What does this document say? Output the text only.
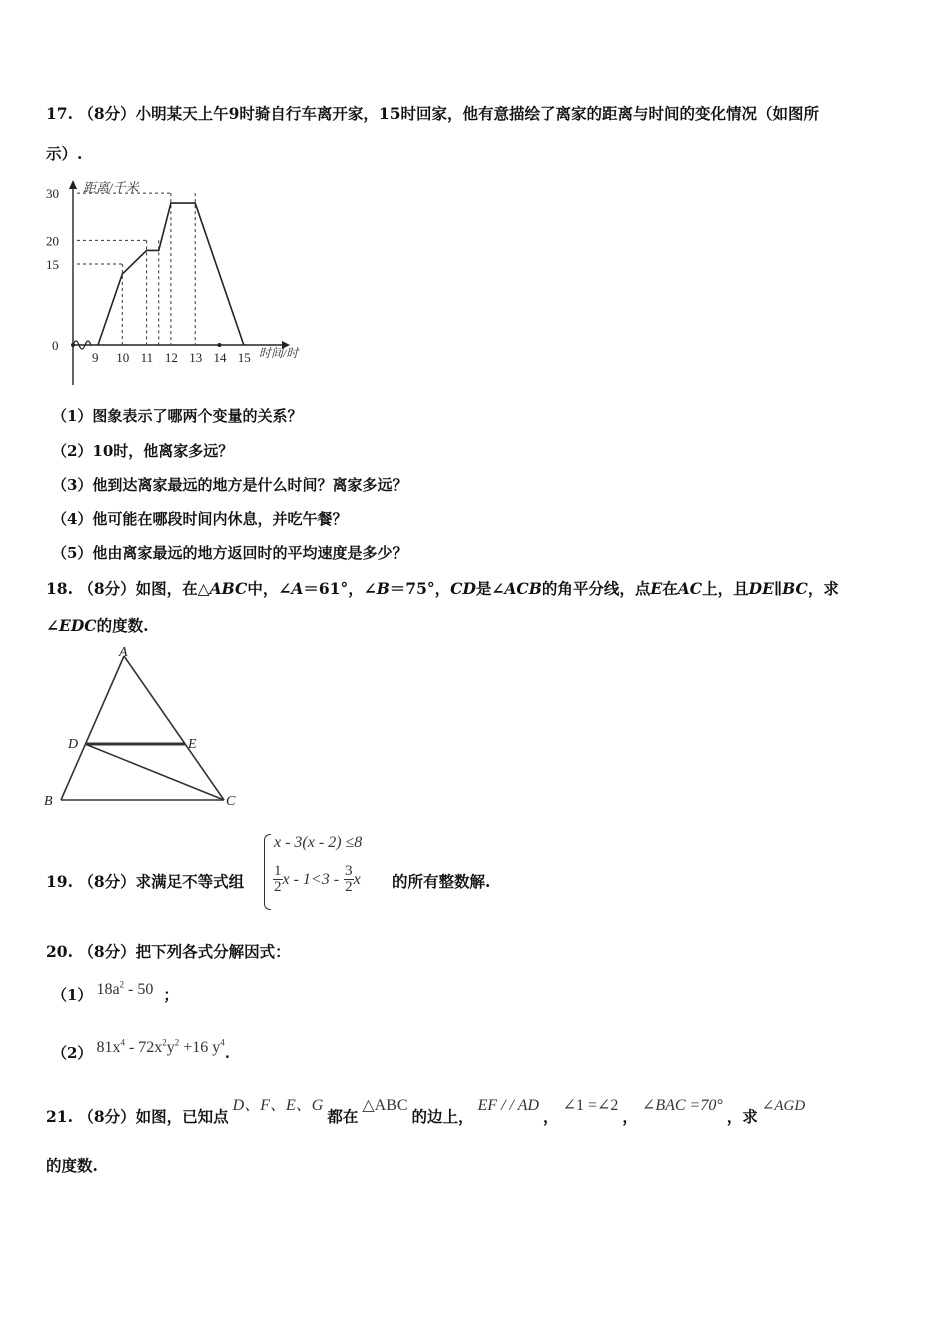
17. （8分）小明某天上午9时骑自行车离开家，15时回家，他有意描绘了离家的距离与时间的变化情况（如图所
示）.
距离/千米
时间/时
30
20
15
0
9 10 11 12 13 14 15
（1）图象表示了哪两个变量的关系？
（2）10时，他离家多远？
（3）他到达离家最远的地方是什么时间？离家多远？
（4）他可能在哪段时间内休息，并吃午餐？
（5）他由离家最远的地方返回时的平均速度是多少？
18. （8分）如图，在△ABC中，∠A＝61°，∠B＝75°，CD是∠ACB的角平分线，点E在AC上，且DE∥BC，求
∠EDC的度数.
A
D	E
B	C
19. （8分）求满足不等式组
x - 3(x - 2) ≤8
$\frac{1}{2}$ $x - 1<3 - \frac{3}{2}$ x 的所有整数解.
20. （8分）把下列各式分解因式：
（1） $18a^2 - 50$ ；
（2） $81x^4 - 72x^2y^2 +16$ $y^4$.
21. （8分）如图，已知点D、F、E、G都在△ABC的边上，EF / / AD，∠1 =∠2，∠BAC =70°，求∠AGD
的度数.
